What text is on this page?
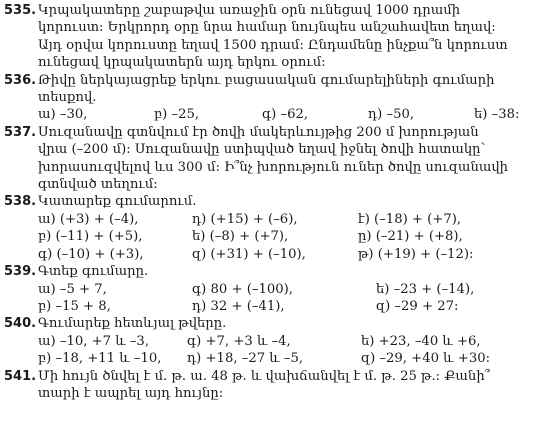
535. Կրպակատերը շաբաթվա առաջին օրն ունեցավ 1000 դրամի
կորուստ: Երկրորդ օրը նրա համար նույնպես անշահավետ եղավ:
Այդ օրվա կորուստը եղավ 1500 դրամ: Ընդամենը ինչքա՞ն կորուստ
ունեցավ կրպակատերն այդ երկու օրում:
536. Թիվը ներկայացրեք երկու բացասական գումարելիների գումարի
տեսքով.
ա) –30,	բ) –25,	գ) –62,	դ) –50,	ե) –38:
537. Սուզանավը գտնվում էր ծովի մակերևույթից 200 մ խորության
վրա (–200 մ): Սուզանավը ստիպված եղավ իջնել ծովի հատակը՝
խորասուզվելով ևս 300 մ: Ի՞նչ խորություն ուներ ծովը սուզանավի
գտնված տեղում:
538. Կատարեք գումարում.
ա) (+3) + (–4),	դ) (+15) + (–6),	է) (–18) + (+7),
բ) (–11) + (+5),	ե) (–8) + (+7),	ը) (–21) + (+8),
գ) (–10) + (+3),	զ) (+31) + (–10),	թ) (+19) + (–12):
539. Գտեք գումարը.
ա) –5 + 7,	գ) 80 + (–100),	ե) –23 + (–14),
բ) –15 + 8,	դ) 32 + (–41),	զ) –29 + 27:
540. Գումարեք հետևյալ թվերը.
ա) –10, +7 և –3,	գ) +7, +3 և –4,	ե) +23, –40 և +6,
բ) –18, +11 և –10,	դ) +18, –27 և –5,	զ) –29, +40 և +30:
541. Մի հույն ծնվել է մ. թ. ա. 48 թ. և վախճանվել է մ. թ. 25 թ.: Քանի՞
տարի է ապրել այդ հույնը:
